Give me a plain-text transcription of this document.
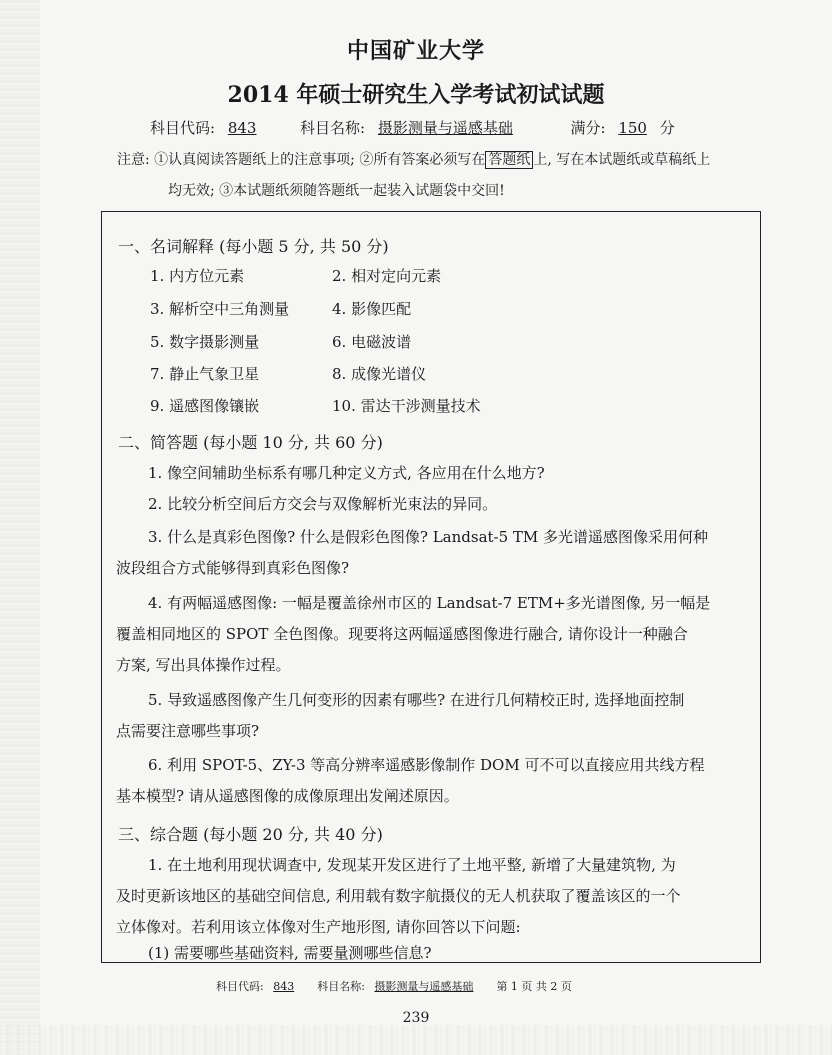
中国矿业大学
2014 年硕士研究生入学考试初试试题
科目代码: 843	科目名称: 摄影测量与遥感基础	满分: 150 分
注意: ①认真阅读答题纸上的注意事项; ②所有答案必须写在 答题纸 上, 写在本试题纸或草稿纸上
均无效; ③本试题纸须随答题纸一起装入试题袋中交回!
一、名词解释 (每小题 5 分, 共 50 分)
1. 内方位元素	2. 相对定向元素
3. 解析空中三角测量	4. 影像匹配
5. 数字摄影测量	6. 电磁波谱
7. 静止气象卫星	8. 成像光谱仪
9. 遥感图像镶嵌	10. 雷达干涉测量技术
二、简答题 (每小题 10 分, 共 60 分)
1. 像空间辅助坐标系有哪几种定义方式, 各应用在什么地方?
2. 比较分析空间后方交会与双像解析光束法的异同。
3. 什么是真彩色图像? 什么是假彩色图像? Landsat-5 TM 多光谱遥感图像采用何种
波段组合方式能够得到真彩色图像?
4. 有两幅遥感图像: 一幅是覆盖徐州市区的 Landsat-7 ETM+多光谱图像, 另一幅是
覆盖相同地区的 SPOT 全色图像。现要将这两幅遥感图像进行融合, 请你设计一种融合
方案, 写出具体操作过程。
5. 导致遥感图像产生几何变形的因素有哪些? 在进行几何精校正时, 选择地面控制
点需要注意哪些事项?
6. 利用 SPOT-5、ZY-3 等高分辨率遥感影像制作 DOM 可不可以直接应用共线方程
基本模型? 请从遥感图像的成像原理出发阐述原因。
三、综合题 (每小题 20 分, 共 40 分)
1. 在土地利用现状调查中, 发现某开发区进行了土地平整, 新增了大量建筑物, 为
及时更新该地区的基础空间信息, 利用载有数字航摄仪的无人机获取了覆盖该区的一个
立体像对。若利用该立体像对生产地形图, 请你回答以下问题:
(1) 需要哪些基础资料, 需要量测哪些信息?
科目代码: 843 科目名称: 摄影测量与遥感基础 第 1 页 共 2 页
239
